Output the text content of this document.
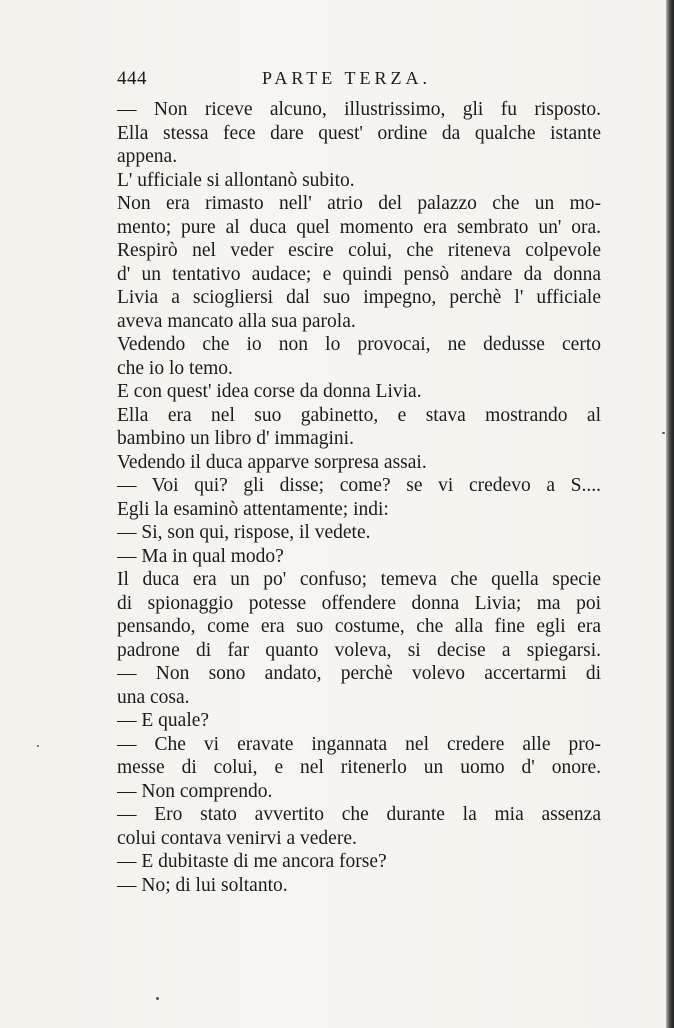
444	PARTE TERZA.
— Non riceve alcuno, illustrissimo, gli fu risposto.
Ella stessa fece dare quest' ordine da qualche istante
appena.
L' ufficiale si allontanò subito.
Non era rimasto nell' atrio del palazzo che un mo-
mento; pure al duca quel momento era sembrato un' ora.
Respirò nel veder escire colui, che riteneva colpevole
d' un tentativo audace; e quindi pensò andare da donna
Livia a sciogliersi dal suo impegno, perchè l' ufficiale
aveva mancato alla sua parola.
Vedendo che io non lo provocai, ne dedusse certo
che io lo temo.
E con quest' idea corse da donna Livia.
Ella era nel suo gabinetto, e stava mostrando al
bambino un libro d' immagini.
Vedendo il duca apparve sorpresa assai.
— Voi qui? gli disse; come? se vi credevo a S....
Egli la esaminò attentamente; indi:
— Si, son qui, rispose, il vedete.
— Ma in qual modo?
Il duca era un po' confuso; temeva che quella specie
di spionaggio potesse offendere donna Livia; ma poi
pensando, come era suo costume, che alla fine egli era
padrone di far quanto voleva, si decise a spiegarsi.
— Non sono andato, perchè volevo accertarmi di
una cosa.
— E quale?
— Che vi eravate ingannata nel credere alle pro-
messe di colui, e nel ritenerlo un uomo d' onore.
— Non comprendo.
— Ero stato avvertito che durante la mia assenza
colui contava venirvi a vedere.
— E dubitaste di me ancora forse?
— No; di lui soltanto.
